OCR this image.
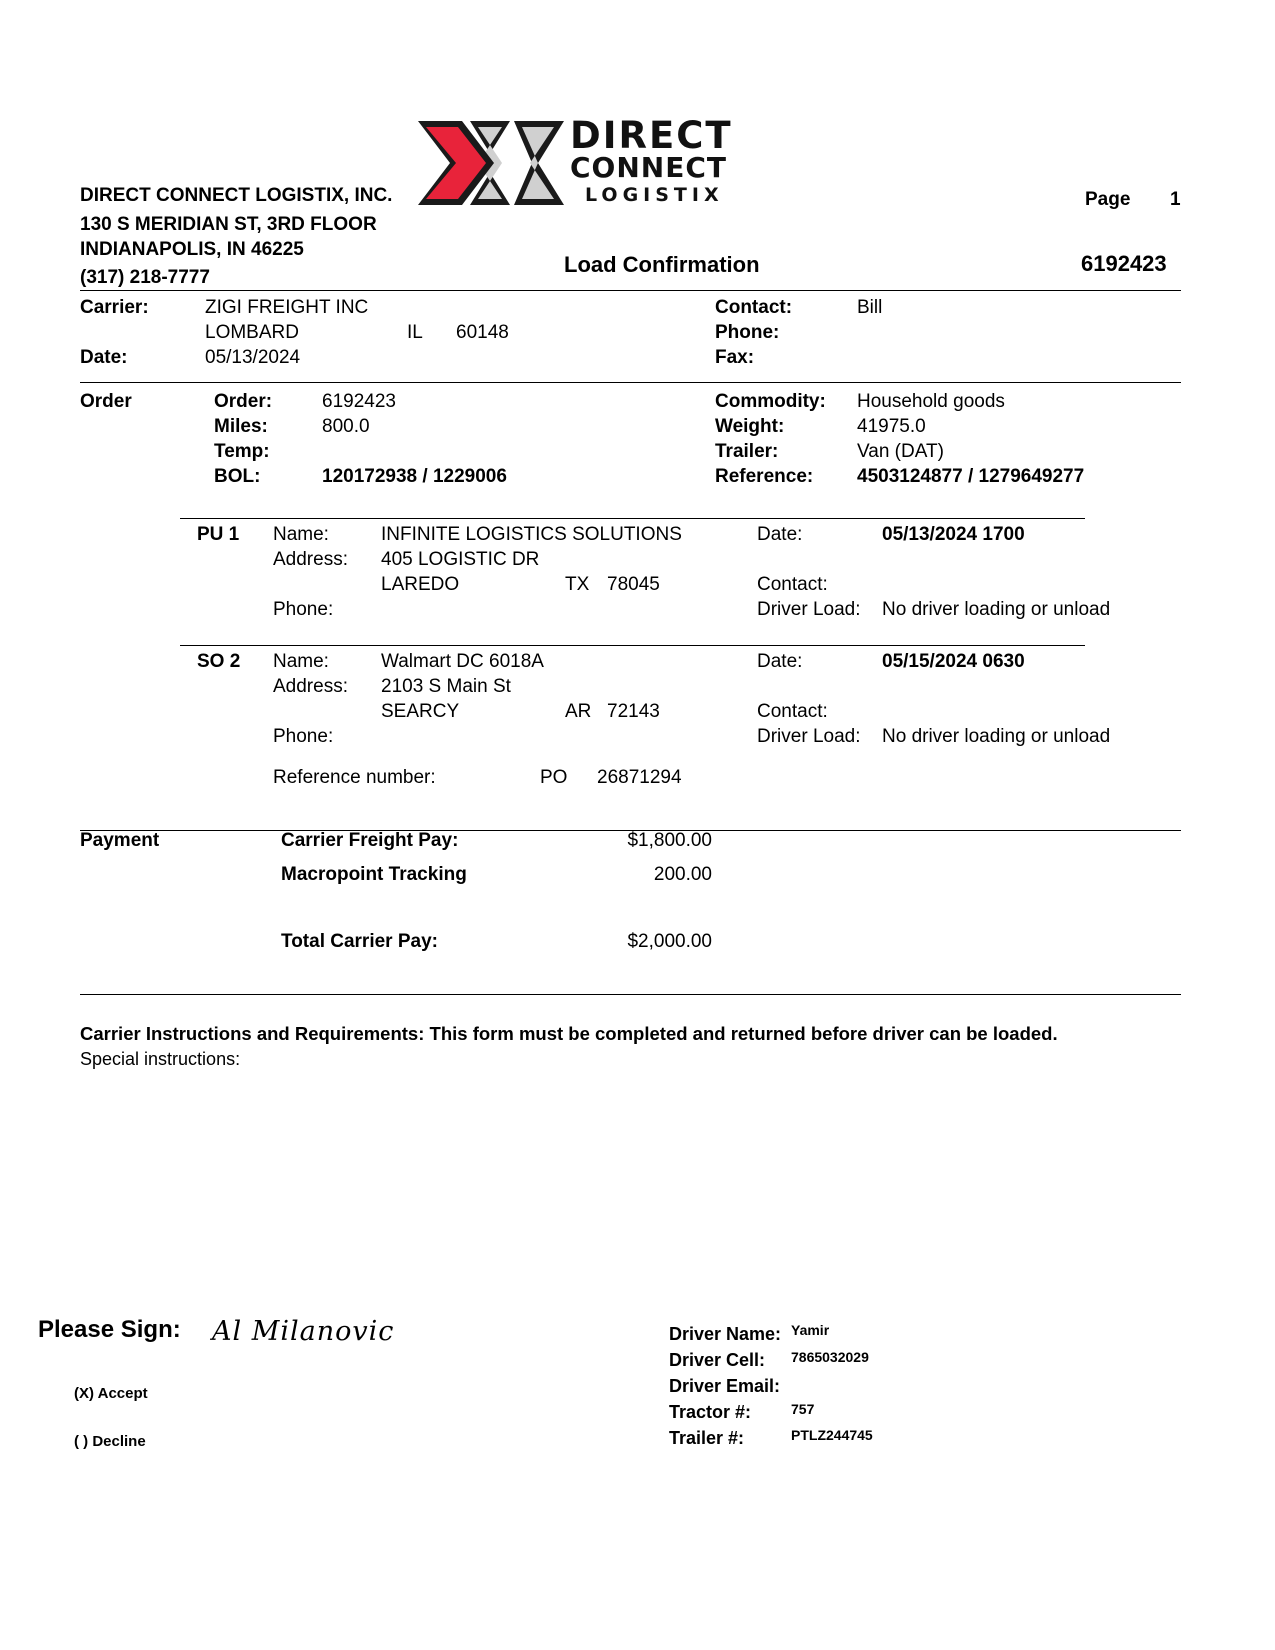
DIRECT
CONNECT
LOGISTIX
DIRECT CONNECT LOGISTIX, INC.
130 S MERIDIAN ST, 3RD FLOOR
INDIANAPOLIS, IN 46225
(317) 218-7777
Page 1
Load Confirmation	6192423
Carrier:	ZIGI FREIGHT INC
LOMBARD	IL 60148
Date:	05/13/2024
Contact:	Bill
Phone:
Fax:
Order	Order:	6192423
Miles:	800.0
Temp:
BOL:	120172938 / 1229006
Commodity: Household goods
Weight:	41975.0
Trailer:	Van (DAT)
Reference: 4503124877 / 1279649277
PU 1 Name:	INFINITE LOGISTICS SOLUTIONS
Address: 405 LOGISTIC DR
LAREDO	TX 78045
Phone:
Date:	05/13/2024 1700
Contact:
Driver Load: No driver loading or unload
SO 2 Name:	Walmart DC 6018A
Address: 2103 S Main St
SEARCY	AR 72143
Phone:
Date:	05/15/2024 0630
Contact:
Driver Load: No driver loading or unload
Reference number:	PO 26871294
Payment	Carrier Freight Pay:	$1,800.00
Macropoint Tracking	200.00
Total Carrier Pay:	$2,000.00
Carrier Instructions and Requirements: This form must be completed and returned before driver can be loaded.
Special instructions:
Please Sign: Al Milanovic
(X) Accept
( ) Decline
Driver Name: Yamir
Driver Cell: 7865032029
Driver Email:
Tractor #:	757
Trailer #:	PTLZ244745
